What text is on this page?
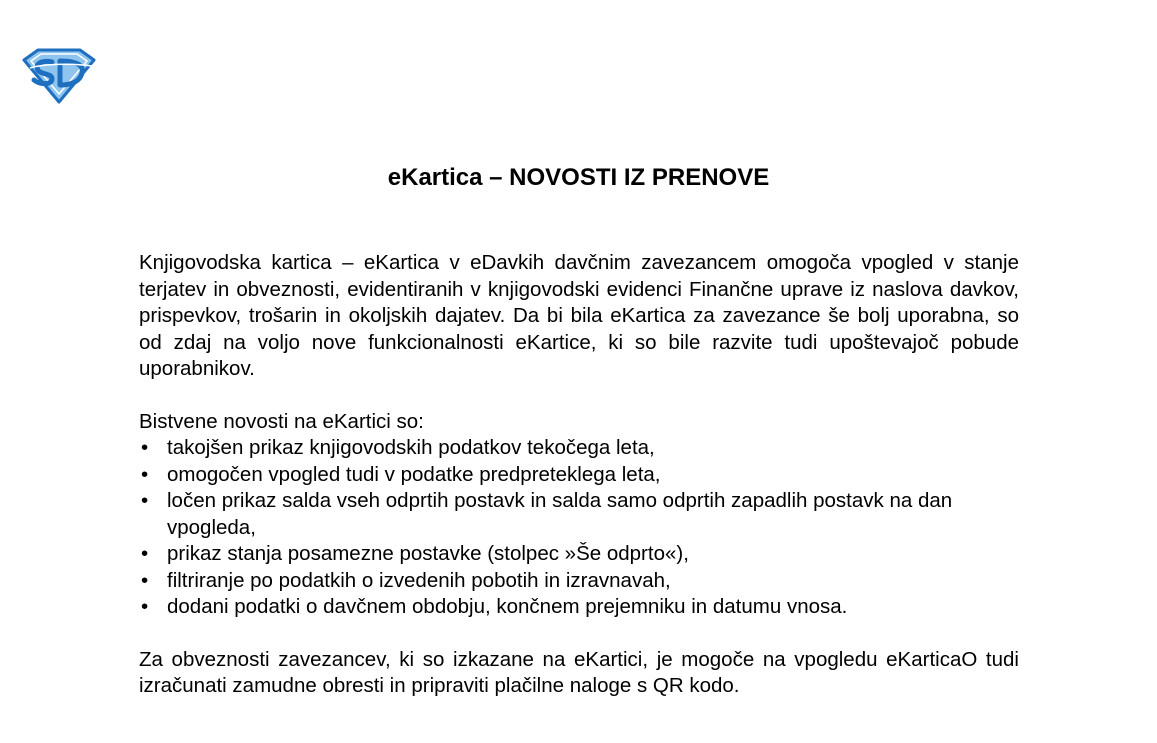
eKartica – NOVOSTI IZ PRENOVE

Knjigovodska kartica – eKartica v eDavkih davčnim zavezancem omogoča vpogled v stanje terjatev in obveznosti, evidentiranih v knjigovodski evidenci Finančne uprave iz naslova davkov, prispevkov, trošarin in okoljskih dajatev. Da bi bila eKartica za zavezance še bolj uporabna, so od zdaj na voljo nove funkcionalnosti eKartice, ki so bile razvite tudi upoštevajoč pobude uporabnikov.

Bistvene novosti na eKartici so:

• takojšen prikaz knjigovodskih podatkov tekočega leta,
• omogočen vpogled tudi v podatke predpreteklega leta,
• ločen prikaz salda vseh odprtih postavk in salda samo odprtih zapadlih postavk na dan vpogleda,
• prikaz stanja posamezne postavke (stolpec »Še odprto«),
• filtriranje po podatkih o izvedenih pobotih in izravnavah,
• dodani podatki o davčnem obdobju, končnem prejemniku in datumu vnosa.

Za obveznosti zavezancev, ki so izkazane na eKartici, je mogoče na vpogledu eKarticaO tudi izračunati zamudne obresti in pripraviti plačilne naloge s QR kodo.
